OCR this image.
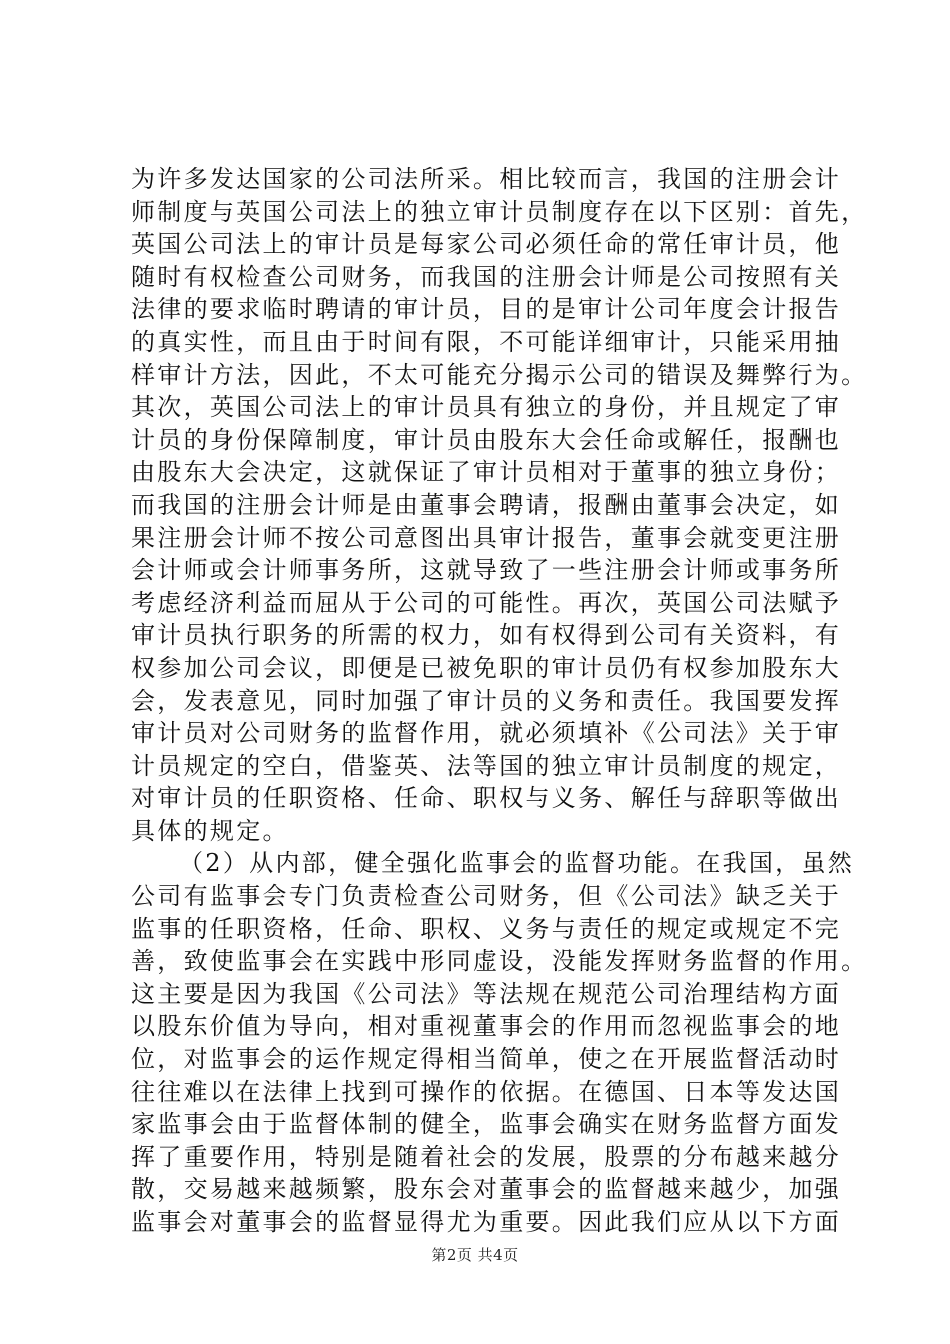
为许多发达国家的公司法所采。相比较而言，我国的注册会计
师制度与英国公司法上的独立审计员制度存在以下区别：首先，
英国公司法上的审计员是每家公司必须任命的常任审计员，他
随时有权检查公司财务，而我国的注册会计师是公司按照有关
法律的要求临时聘请的审计员，目的是审计公司年度会计报告
的真实性，而且由于时间有限，不可能详细审计，只能采用抽
样审计方法，因此，不太可能充分揭示公司的错误及舞弊行为。
其次，英国公司法上的审计员具有独立的身份，并且规定了审
计员的身份保障制度，审计员由股东大会任命或解任，报酬也
由股东大会决定，这就保证了审计员相对于董事的独立身份；
而我国的注册会计师是由董事会聘请，报酬由董事会决定，如
果注册会计师不按公司意图出具审计报告，董事会就变更注册
会计师或会计师事务所，这就导致了一些注册会计师或事务所
考虑经济利益而屈从于公司的可能性。再次，英国公司法赋予
审计员执行职务的所需的权力，如有权得到公司有关资料，有
权参加公司会议，即便是已被免职的审计员仍有权参加股东大
会，发表意见，同时加强了审计员的义务和责任。我国要发挥
审计员对公司财务的监督作用，就必须填补《公司法》关于审
计员规定的空白，借鉴英、法等国的独立审计员制度的规定，
对审计员的任职资格、任命、职权与义务、解任与辞职等做出
具体的规定。
（2）从内部，健全强化监事会的监督功能。在我国，虽然
公司有监事会专门负责检查公司财务，但《公司法》缺乏关于
监事的任职资格，任命、职权、义务与责任的规定或规定不完
善，致使监事会在实践中形同虚设，没能发挥财务监督的作用。
这主要是因为我国《公司法》等法规在规范公司治理结构方面
以股东价值为导向，相对重视董事会的作用而忽视监事会的地
位，对监事会的运作规定得相当简单，使之在开展监督活动时
往往难以在法律上找到可操作的依据。在德国、日本等发达国
家监事会由于监督体制的健全，监事会确实在财务监督方面发
挥了重要作用，特别是随着社会的发展，股票的分布越来越分
散，交易越来越频繁，股东会对董事会的监督越来越少，加强
监事会对董事会的监督显得尤为重要。因此我们应从以下方面
第2页 共4页
